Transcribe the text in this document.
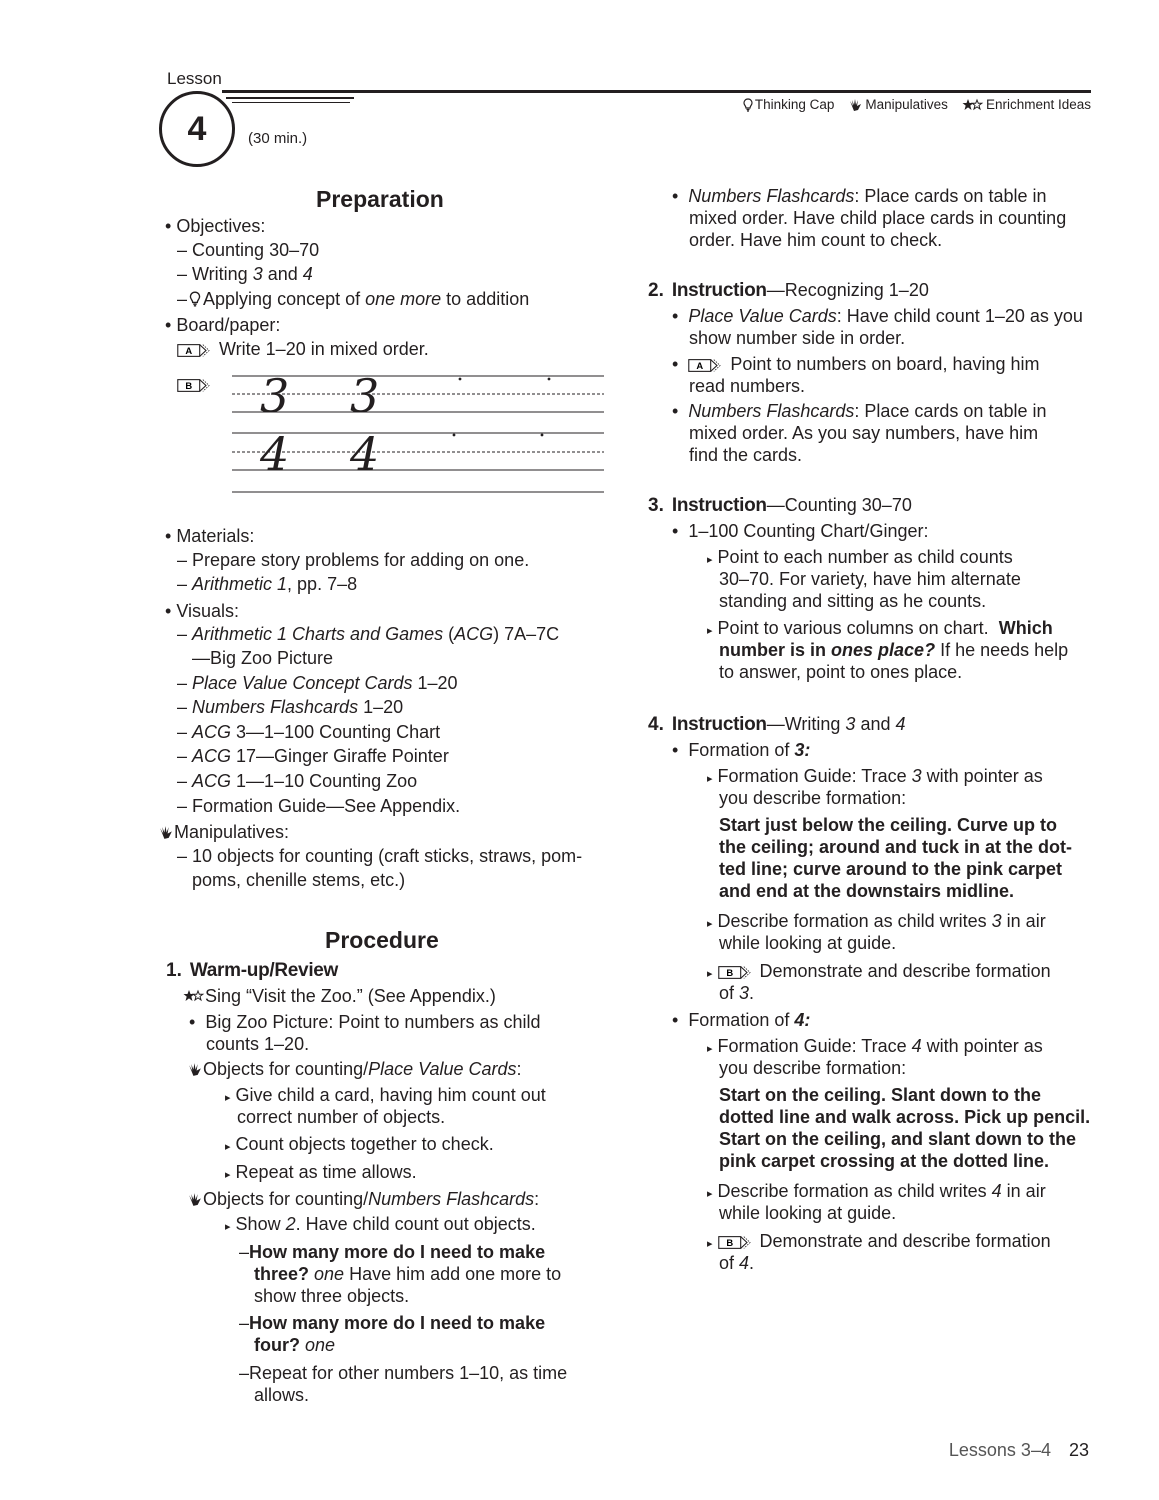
Lesson
4	(30 min.)
Thinking Cap Manipulatives	Enrichment Ideas
Preparation
• Objectives:
– Counting 30–70
– Writing 3 and 4
– Applying concept of one more to addition
• Board/paper:
A Write 1–20 in mixed order.
B 3 3
4 4
• Materials:
– Prepare story problems for adding on one.
– Arithmetic 1, pp. 7–8
• Visuals:
– Arithmetic 1 Charts and Games (ACG) 7A–7C
—Big Zoo Picture
– Place Value Concept Cards 1–20
– Numbers Flashcards 1–20
– ACG 3—1–100 Counting Chart
– ACG 17—Ginger Giraffe Pointer
– ACG 1—1–10 Counting Zoo
– Formation Guide—See Appendix.
Manipulatives:
– 10 objects for counting (craft sticks, straws, pom-
poms, chenille stems, etc.)
Procedure
1. Warm-up/Review
Sing “Visit the Zoo.” (See Appendix.)
•  Big Zoo Picture: Point to numbers as child
counts 1–20.
Objects for counting/Place Value Cards:
▸ Give child a card, having him count out
correct number of objects.
▸ Count objects together to check.
▸ Repeat as time allows.
Objects for counting/Numbers Flashcards:
▸ Show 2. Have child count out objects.
–How many more do I need to make
three? one Have him add one more to
show three objects.
–How many more do I need to make
four? one
–Repeat for other numbers 1–10, as time
allows.
•  Numbers Flashcards: Place cards on table in
mixed order. Have child place cards in counting
order. Have him count to check.
2. Instruction—Recognizing 1–20
•  Place Value Cards: Have child count 1–20 as you
show number side in order.
• A Point to numbers on board, having him
read numbers.
•  Numbers Flashcards: Place cards on table in
mixed order. As you say numbers, have him
find the cards.
3. Instruction—Counting 30–70
•  1–100 Counting Chart/Ginger:
▸ Point to each number as child counts
30–70. For variety, have him alternate
standing and sitting as he counts.
▸ Point to various columns on chart. Which
number is in ones place? If he needs help
to answer, point to ones place.
4. Instruction—Writing 3 and 4
•  Formation of 3:
▸ Formation Guide: Trace 3 with pointer as
you describe formation:
Start just below the ceiling. Curve up to
the ceiling; around and tuck in at the dot-
ted line; curve around to the pink carpet
and end at the downstairs midline.
▸ Describe formation as child writes 3 in air
while looking at guide.
▸ B Demonstrate and describe formation
of 3.
•  Formation of 4:
▸ Formation Guide: Trace 4 with pointer as
you describe formation:
Start on the ceiling. Slant down to the
dotted line and walk across. Pick up pencil.
Start on the ceiling, and slant down to the
pink carpet crossing at the dotted line.
▸ Describe formation as child writes 4 in air
while looking at guide.
▸ B Demonstrate and describe formation
of 4.
Lessons 3–4 23
